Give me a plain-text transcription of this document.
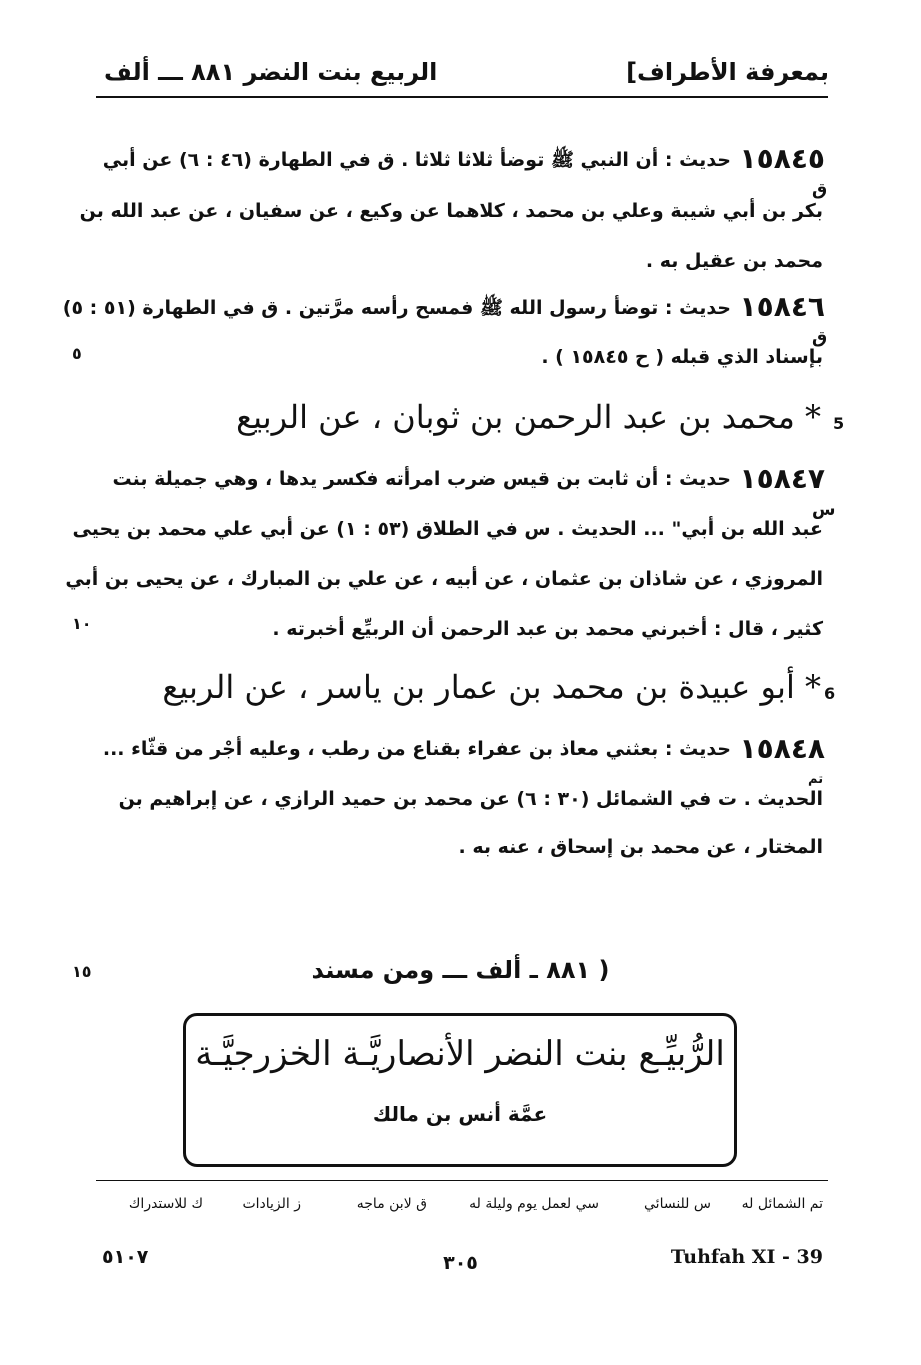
بمعرفة الأطراف]
الربيع بنت النضر ٨٨١ ـــ ألف
١٥٨٤٥
حديث : أن النبي ﷺ توضأ ثلاثا ثلاثا . ق في الطهارة (٤٦ : ٦) عن أبي
بكر بن أبي شيبة وعلي بن محمد ، كلاهما عن وكيع ، عن سفيان ، عن عبد الله بن
محمد بن عقيل به .
ق
١٥٨٤٦
حديث : توضأ رسول الله ﷺ فمسح رأسه مرَّتين . ق في الطهارة (٥١ : ٥)
بإسناد الذي قبله ( ح ١٥٨٤٥ ) .
ق
٥
5
* محمد بن عبد الرحمن بن ثوبان ، عن الربيع
١٥٨٤٧
حديث : أن ثابت بن قيس ضرب امرأته فكسر يدها ، وهي جميلة بنت
عبد الله بن أبي" ... الحديث . س في الطلاق (٥٣ : ١) عن أبي علي محمد بن يحيى
المروزي ، عن شاذان بن عثمان ، عن أبيه ، عن علي بن المبارك ، عن يحيى بن أبي
كثير ، قال : أخبرني محمد بن عبد الرحمن أن الربيِّع أخبرته .
س
١٠
6
* أبو عبيدة بن محمد بن عمار بن ياسر ، عن الربيع
١٥٨٤٨
حديث : بعثني معاذ بن عفراء بقناع من رطب ، وعليه أجْر من قثّاء ...
الحديث . ت في الشمائل (٣٠ : ٦) عن محمد بن حميد الرازي ، عن إبراهيم بن
المختار ، عن محمد بن إسحاق ، عنه به .
تم
١٥	( ٨٨١ ـ ألف ـــ ومن مسند
الرُّبيِّـع بنت النضر الأنصاريَّـة الخزرجيَّـة
عمَّة أنس بن مالك
تم الشمائل له
س للنسائي
سي لعمل يوم وليلة له
ق لابن ماجه
ز الزيادات
ك للاستدراك
Tuhfah XI - 39
٣٠٥
٥١٠٧
